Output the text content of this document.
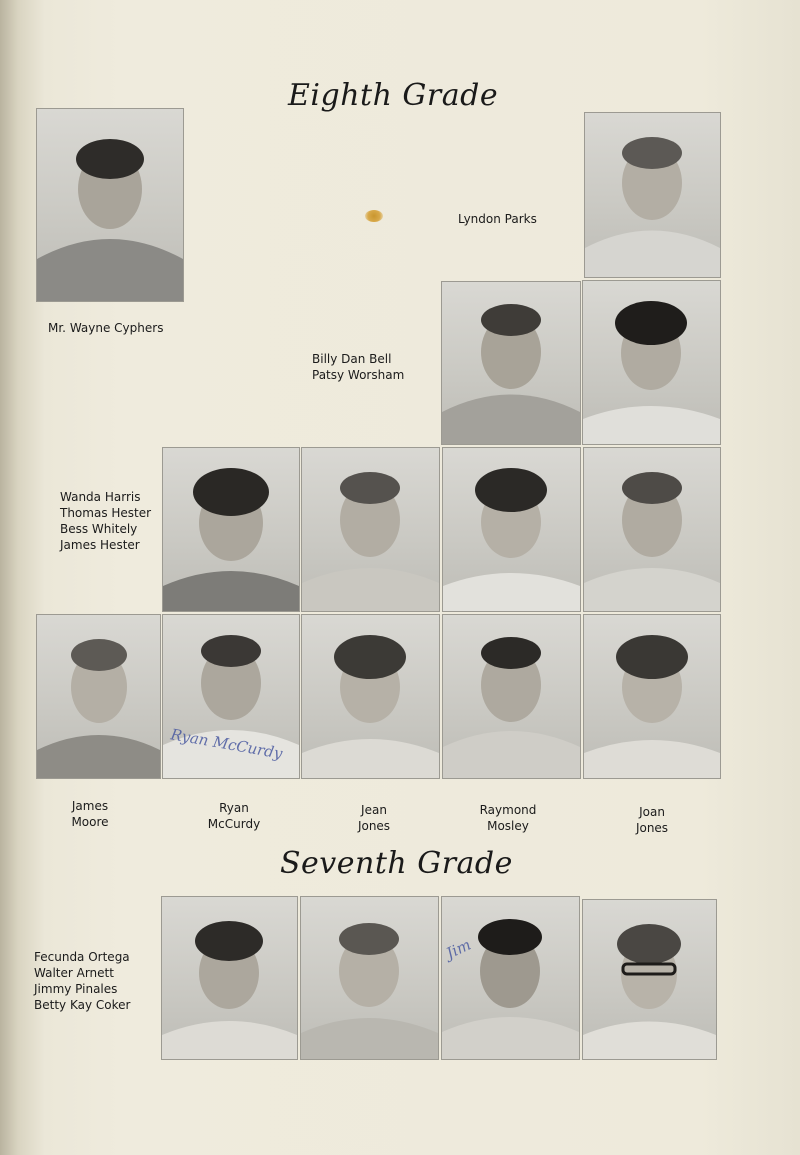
Eighth Grade
Mr. Wayne Cyphers
Lyndon Parks
Billy Dan Bell
Patsy Worsham
Wanda Harris
Thomas Hester
Bess Whitely
James Hester
Ryan McCurdy
James
Moore
Ryan
McCurdy
Jean
Jones
Raymond
Mosley
Joan
Jones
Seventh Grade
Fecunda Ortega
Walter Arnett
Jimmy Pinales
Betty Kay Coker
Jim
